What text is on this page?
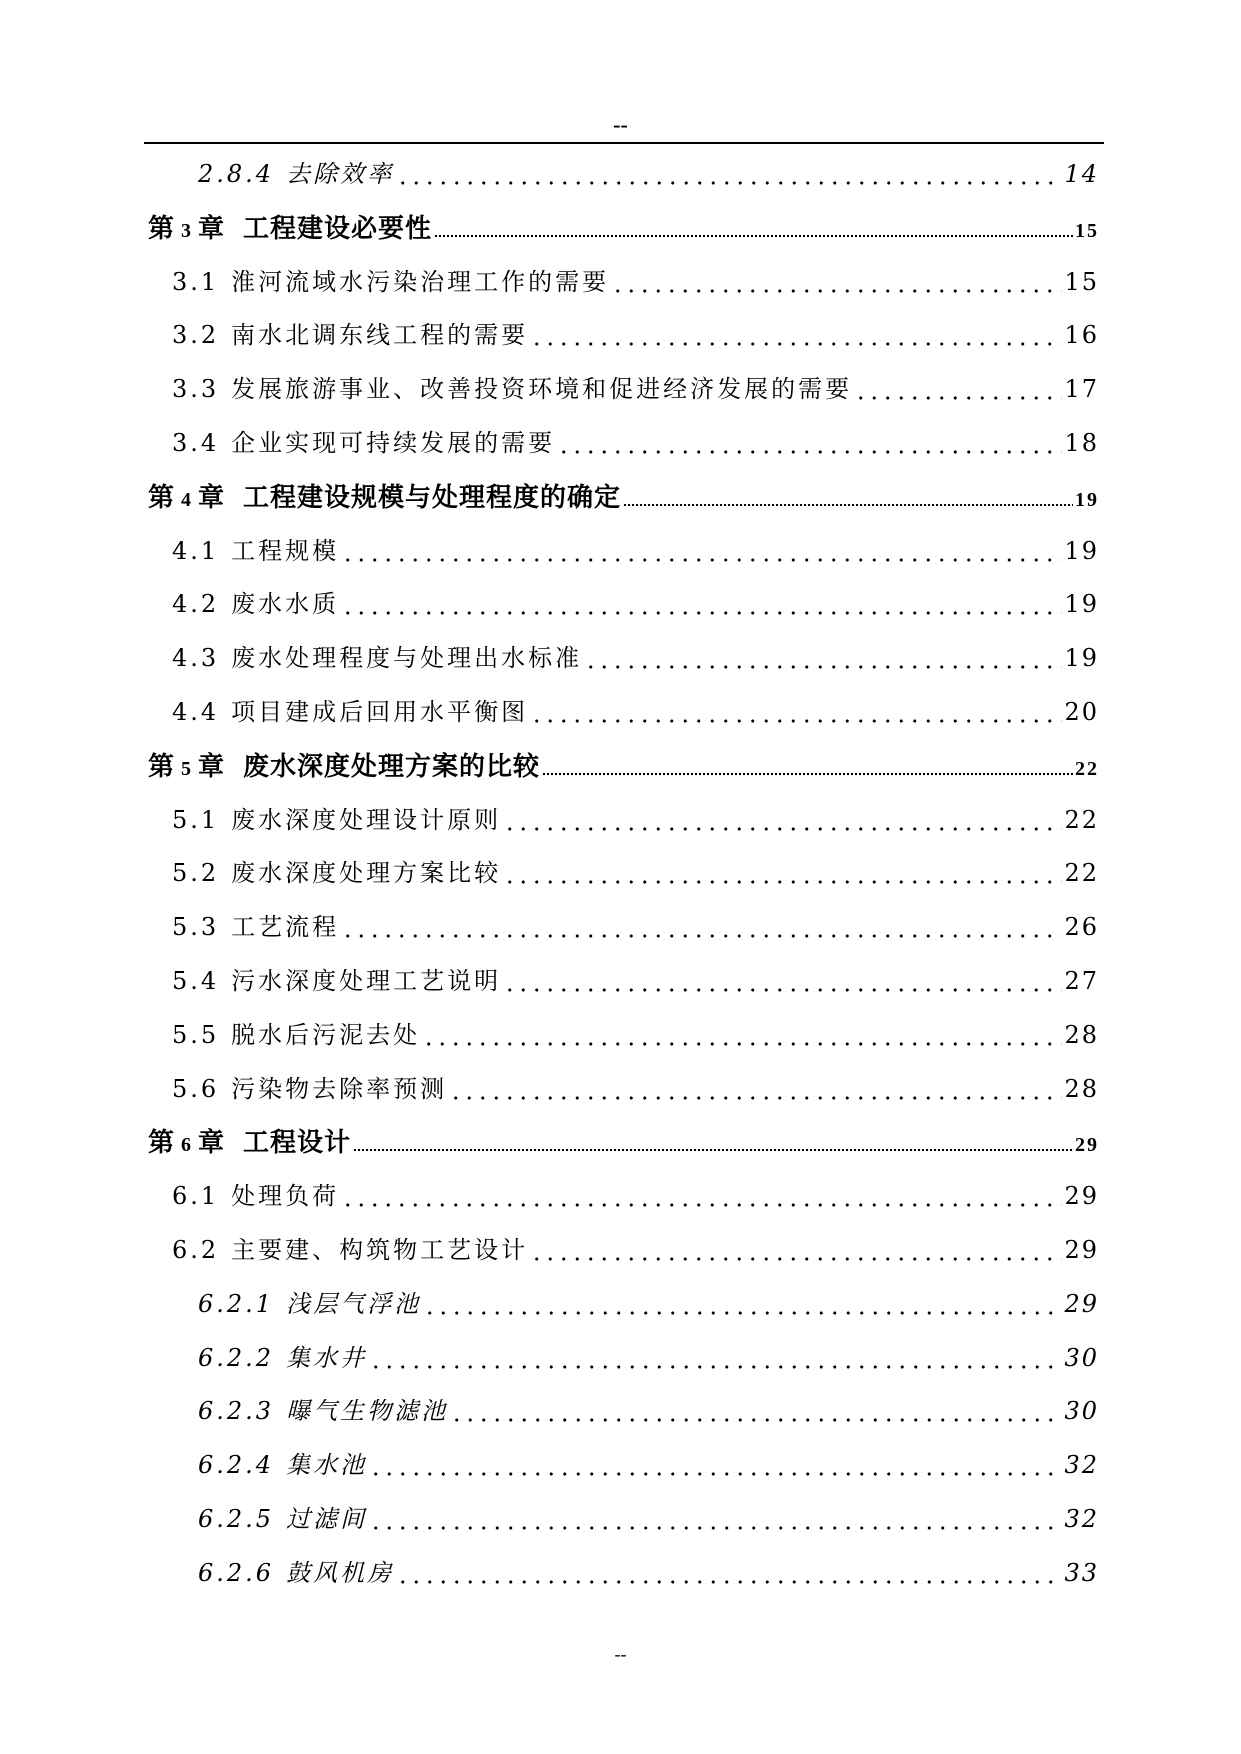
--
2.8.4 去除效率	14
第 3 章 工程建设必要性	15
3.1 淮河流域水污染治理工作的需要	15
3.2 南水北调东线工程的需要	16
3.3 发展旅游事业、改善投资环境和促进经济发展的需要	17
3.4 企业实现可持续发展的需要	18
第 4 章 工程建设规模与处理程度的确定	19
4.1 工程规模	19
4.2 废水水质	19
4.3 废水处理程度与处理出水标准	19
4.4 项目建成后回用水平衡图	20
第 5 章 废水深度处理方案的比较	22
5.1 废水深度处理设计原则	22
5.2 废水深度处理方案比较	22
5.3 工艺流程	26
5.4 污水深度处理工艺说明	27
5.5 脱水后污泥去处	28
5.6 污染物去除率预测	28
第 6 章 工程设计	29
6.1 处理负荷	29
6.2 主要建、构筑物工艺设计	29
6.2.1 浅层气浮池	29
6.2.2 集水井	30
6.2.3 曝气生物滤池	30
6.2.4 集水池	32
6.2.5 过滤间	32
6.2.6 鼓风机房	33
--
